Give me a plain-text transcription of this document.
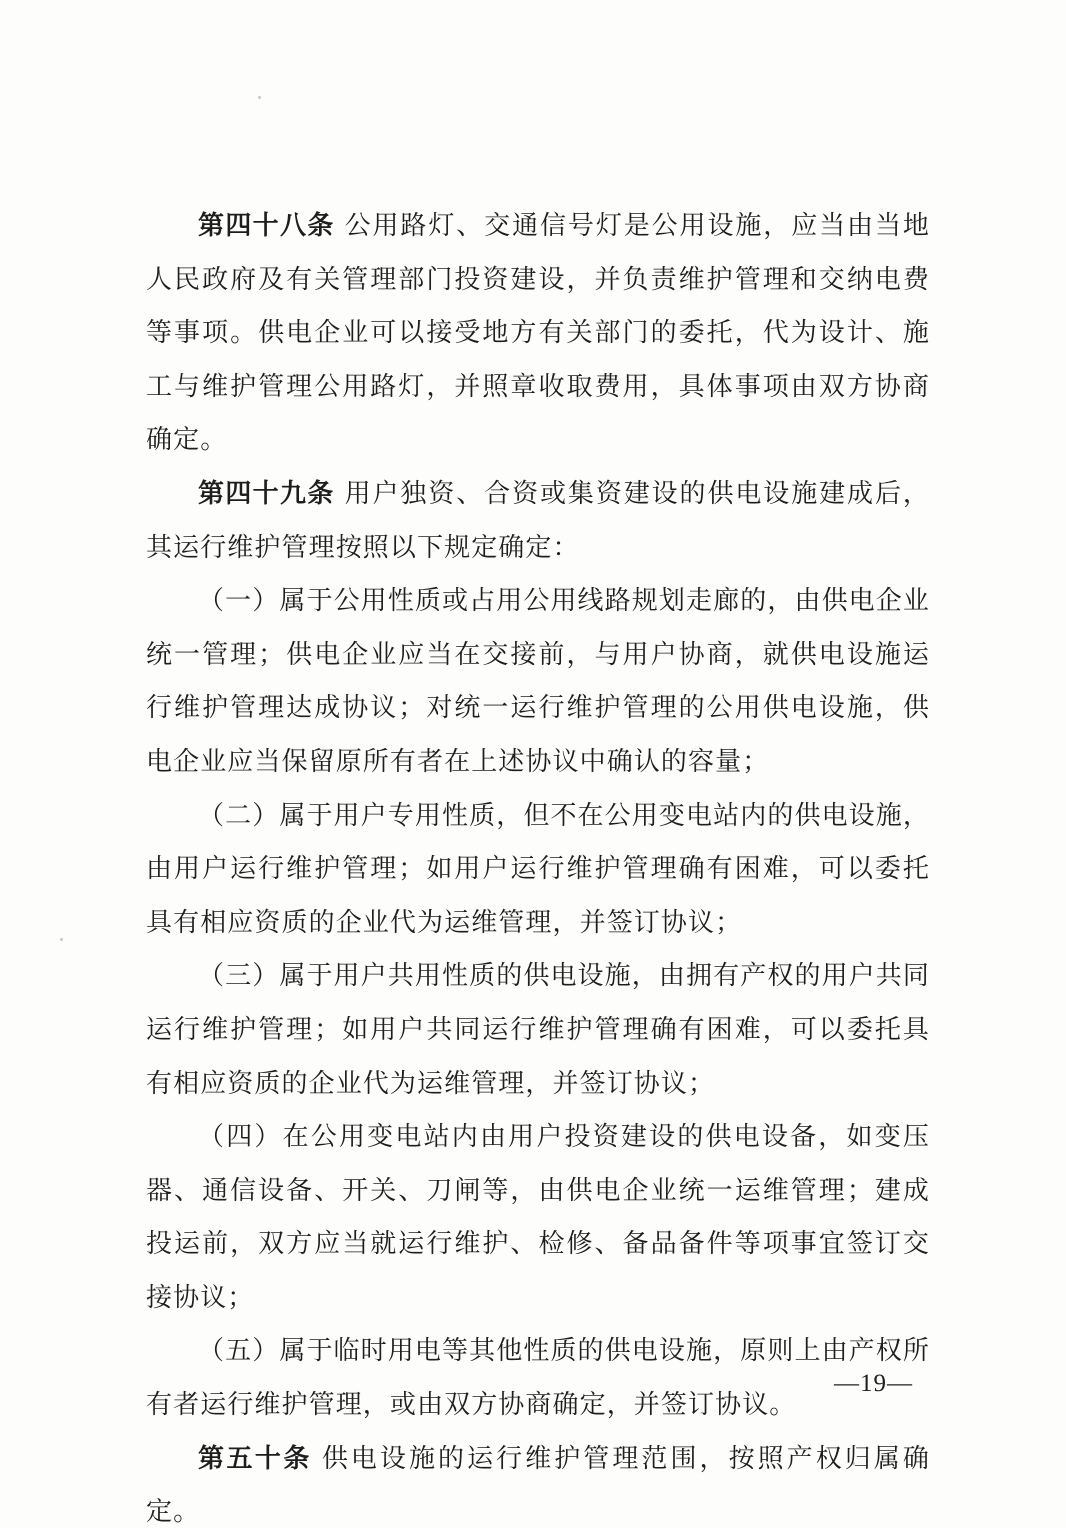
第四十八条 公用路灯、交通信号灯是公用设施，应当由当地人民政府及有关管理部门投资建设，并负责维护管理和交纳电费等事项。供电企业可以接受地方有关部门的委托，代为设计、施工与维护管理公用路灯，并照章收取费用，具体事项由双方协商确定。

第四十九条 用户独资、合资或集资建设的供电设施建成后，其运行维护管理按照以下规定确定：

（一）属于公用性质或占用公用线路规划走廊的，由供电企业统一管理；供电企业应当在交接前，与用户协商，就供电设施运行维护管理达成协议；对统一运行维护管理的公用供电设施，供电企业应当保留原所有者在上述协议中确认的容量；

（二）属于用户专用性质，但不在公用变电站内的供电设施，由用户运行维护管理；如用户运行维护管理确有困难，可以委托具有相应资质的企业代为运维管理，并签订协议；

（三）属于用户共用性质的供电设施，由拥有产权的用户共同运行维护管理；如用户共同运行维护管理确有困难，可以委托具有相应资质的企业代为运维管理，并签订协议；

（四）在公用变电站内由用户投资建设的供电设备，如变压器、通信设备、开关、刀闸等，由供电企业统一运维管理；建成投运前，双方应当就运行维护、检修、备品备件等项事宜签订交接协议；

（五）属于临时用电等其他性质的供电设施，原则上由产权所有者运行维护管理，或由双方协商确定，并签订协议。

第五十条 供电设施的运行维护管理范围，按照产权归属确定。

—19—
